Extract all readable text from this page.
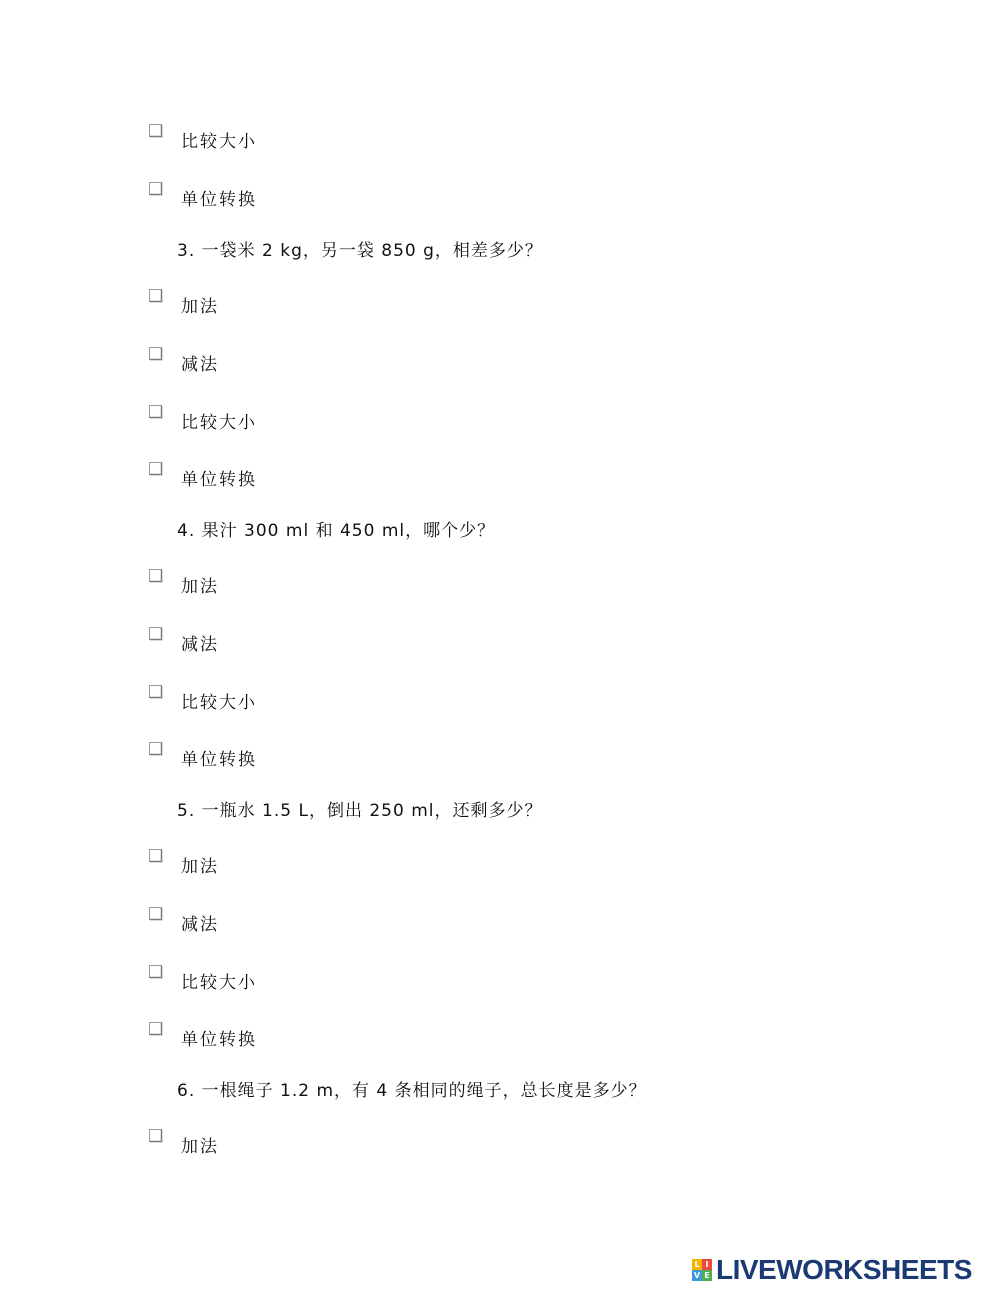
比较大小
单位转换
3. 一袋米 2 kg，另一袋 850 g，相差多少？
加法
减法
比较大小
单位转换
4. 果汁 300 ml 和 450 ml，哪个少？
加法
减法
比较大小
单位转换
5. 一瓶水 1.5 L，倒出 250 ml，还剩多少？
加法
减法
比较大小
单位转换
6. 一根绳子 1.2 m，有 4 条相同的绳子，总长度是多少？
加法
L I
V E LIVEWORKSHEETS
